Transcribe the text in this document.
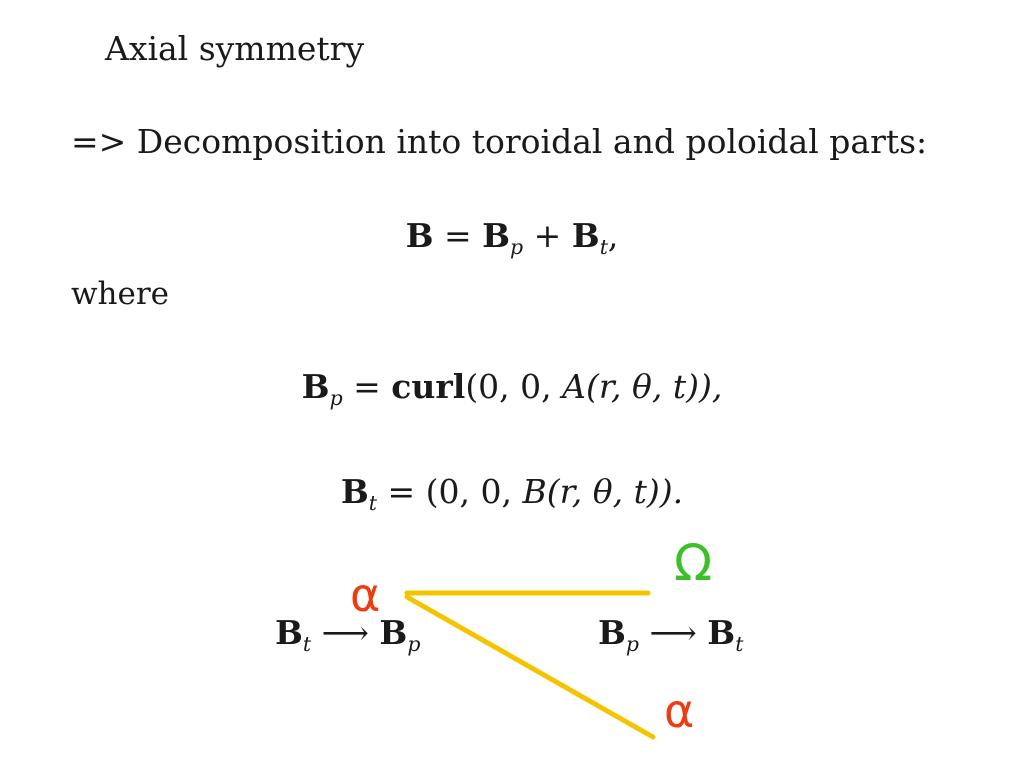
Axial symmetry
=> Decomposition into toroidal and poloidal parts:
$B = B_p + B_t$,
where
$B_p$ = curl(0, 0, A(r, θ, t)),
$B_t = (0$, 0, B(r, θ, t)).
$B_t$ ⟶ $B_p$	$B_p$ ⟶ $B_t$
α
Ω
α
